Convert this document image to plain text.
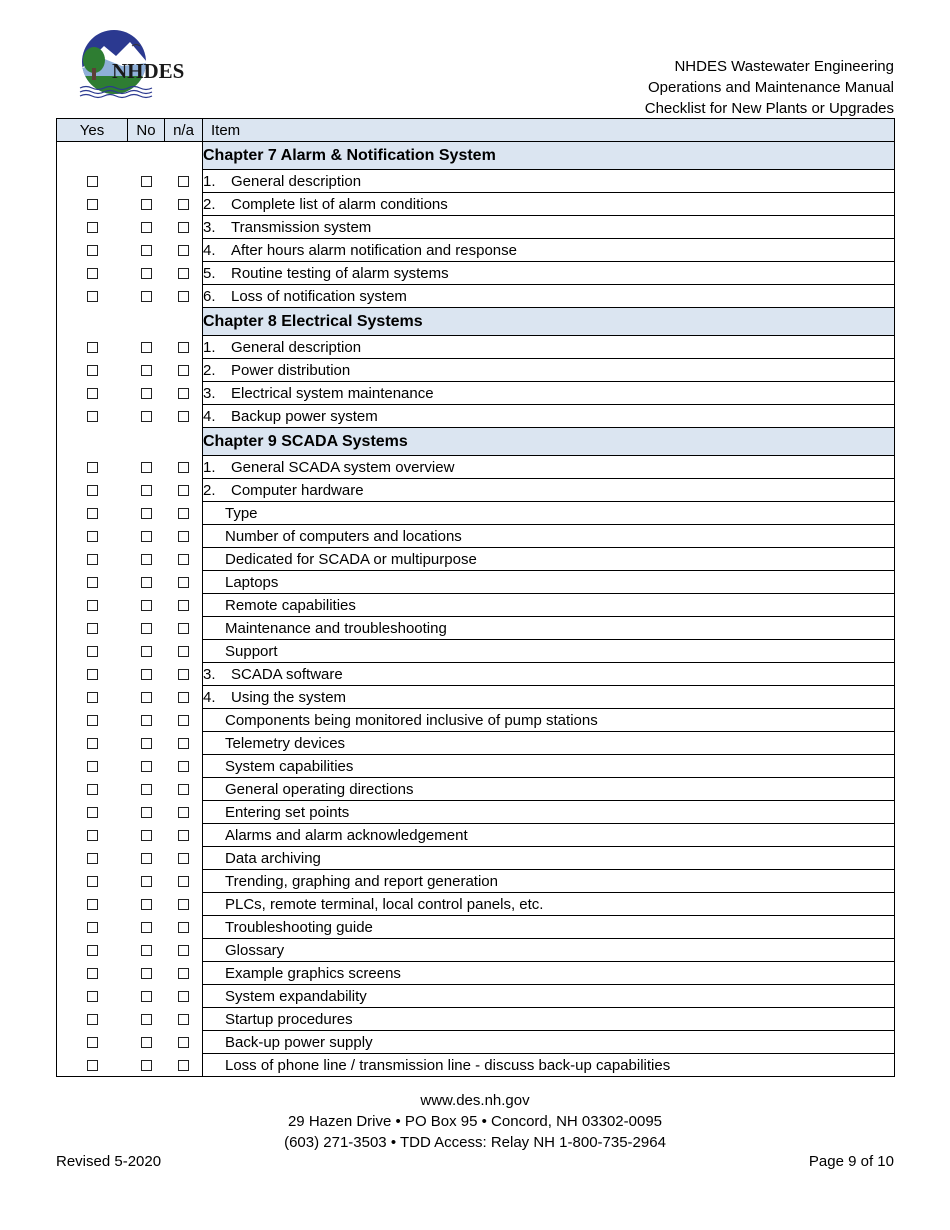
NHDES	NHDES Wastewater Engineering
Operations and Maintenance Manual
Checklist for New Plants or Upgrades
Yes	No	n/a	Item
			Chapter 7 Alarm & Notification System
			1. General description
			2. Complete list of alarm conditions
			3. Transmission system
			4. After hours alarm notification and response
			5. Routine testing of alarm systems
			6. Loss of notification system
			Chapter 8 Electrical Systems
			1. General description
			2. Power distribution
			3. Electrical system maintenance
			4. Backup power system
			Chapter 9 SCADA Systems
			1. General SCADA system overview
			2. Computer hardware
			Type
			Number of computers and locations
			Dedicated for SCADA or multipurpose
			Laptops
			Remote capabilities
			Maintenance and troubleshooting
			Support
			3. SCADA software
			4. Using the system
			Components being monitored inclusive of pump stations
			Telemetry devices
			System capabilities
			General operating directions
			Entering set points
			Alarms and alarm acknowledgement
			Data archiving
			Trending, graphing and report generation
			PLCs, remote terminal, local control panels, etc.
			Troubleshooting guide
			Glossary
			Example graphics screens
			System expandability
			Startup procedures
			Back-up power supply
			Loss of phone line / transmission line - discuss back-up capabilities
www.des.nh.gov
29 Hazen Drive • PO Box 95 • Concord, NH 03302-0095
(603) 271-3503 • TDD Access: Relay NH 1-800-735-2964
Revised 5-2020	Page 9 of 10
